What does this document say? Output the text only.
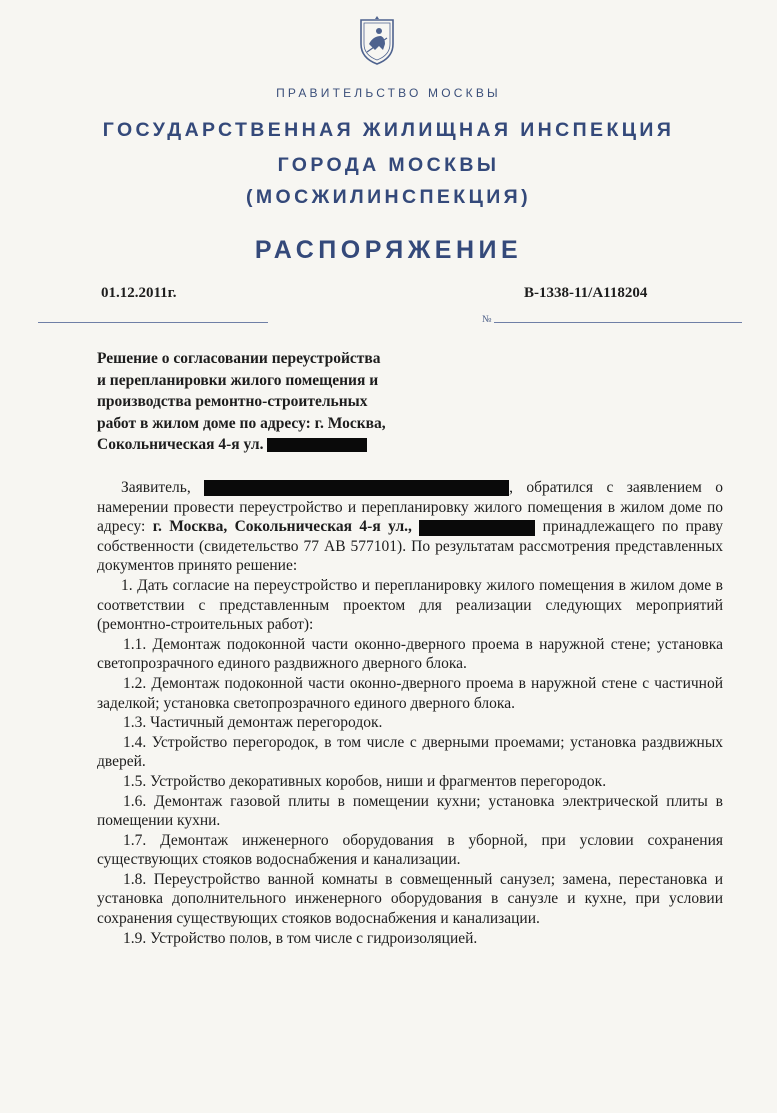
ПРАВИТЕЛЬСТВО МОСКВЫ
ГОСУДАРСТВЕННАЯ ЖИЛИЩНАЯ ИНСПЕКЦИЯ
ГОРОДА МОСКВЫ
(МОСЖИЛИНСПЕКЦИЯ)
РАСПОРЯЖЕНИЕ
01.12.2011г.
№
В-1338-11/А118204
Решение о согласовании переустройства
и перепланировки жилого помещения и
производства ремонтно-строительных
работ в жилом доме по адресу: г. Москва,
Сокольническая 4-я ул.

Заявитель,	, обратился с заявлением о намерении провести переустройство и перепланировку жилого помещения в жилом доме по адресу: г. Москва, Сокольническая 4-я ул.,	принадлежащего по праву собственности (свидетельство 77 АВ 577101). По результатам рассмотрения представленных документов принято решение:

1. Дать согласие на переустройство и перепланировку жилого помещения в жилом доме в соответствии с представленным проектом для реализации следующих мероприятий (ремонтно-строительных работ):

1.1. Демонтаж подоконной части оконно-дверного проема в наружной стене; установка светопрозрачного единого раздвижного дверного блока.

1.2. Демонтаж подоконной части оконно-дверного проема в наружной стене с частичной заделкой; установка светопрозрачного единого дверного блока.

1.3. Частичный демонтаж перегородок.

1.4. Устройство перегородок, в том числе с дверными проемами; установка раздвижных дверей.

1.5. Устройство декоративных коробов, ниши и фрагментов перегородок.

1.6. Демонтаж газовой плиты в помещении кухни; установка электрической плиты в помещении кухни.

1.7. Демонтаж инженерного оборудования в уборной, при условии сохранения существующих стояков водоснабжения и канализации.

1.8. Переустройство ванной комнаты в совмещенный санузел; замена, перестановка и установка дополнительного инженерного оборудования в санузле и кухне, при условии сохранения существующих стояков водоснабжения и канализации.

1.9. Устройство полов, в том числе с гидроизоляцией.
